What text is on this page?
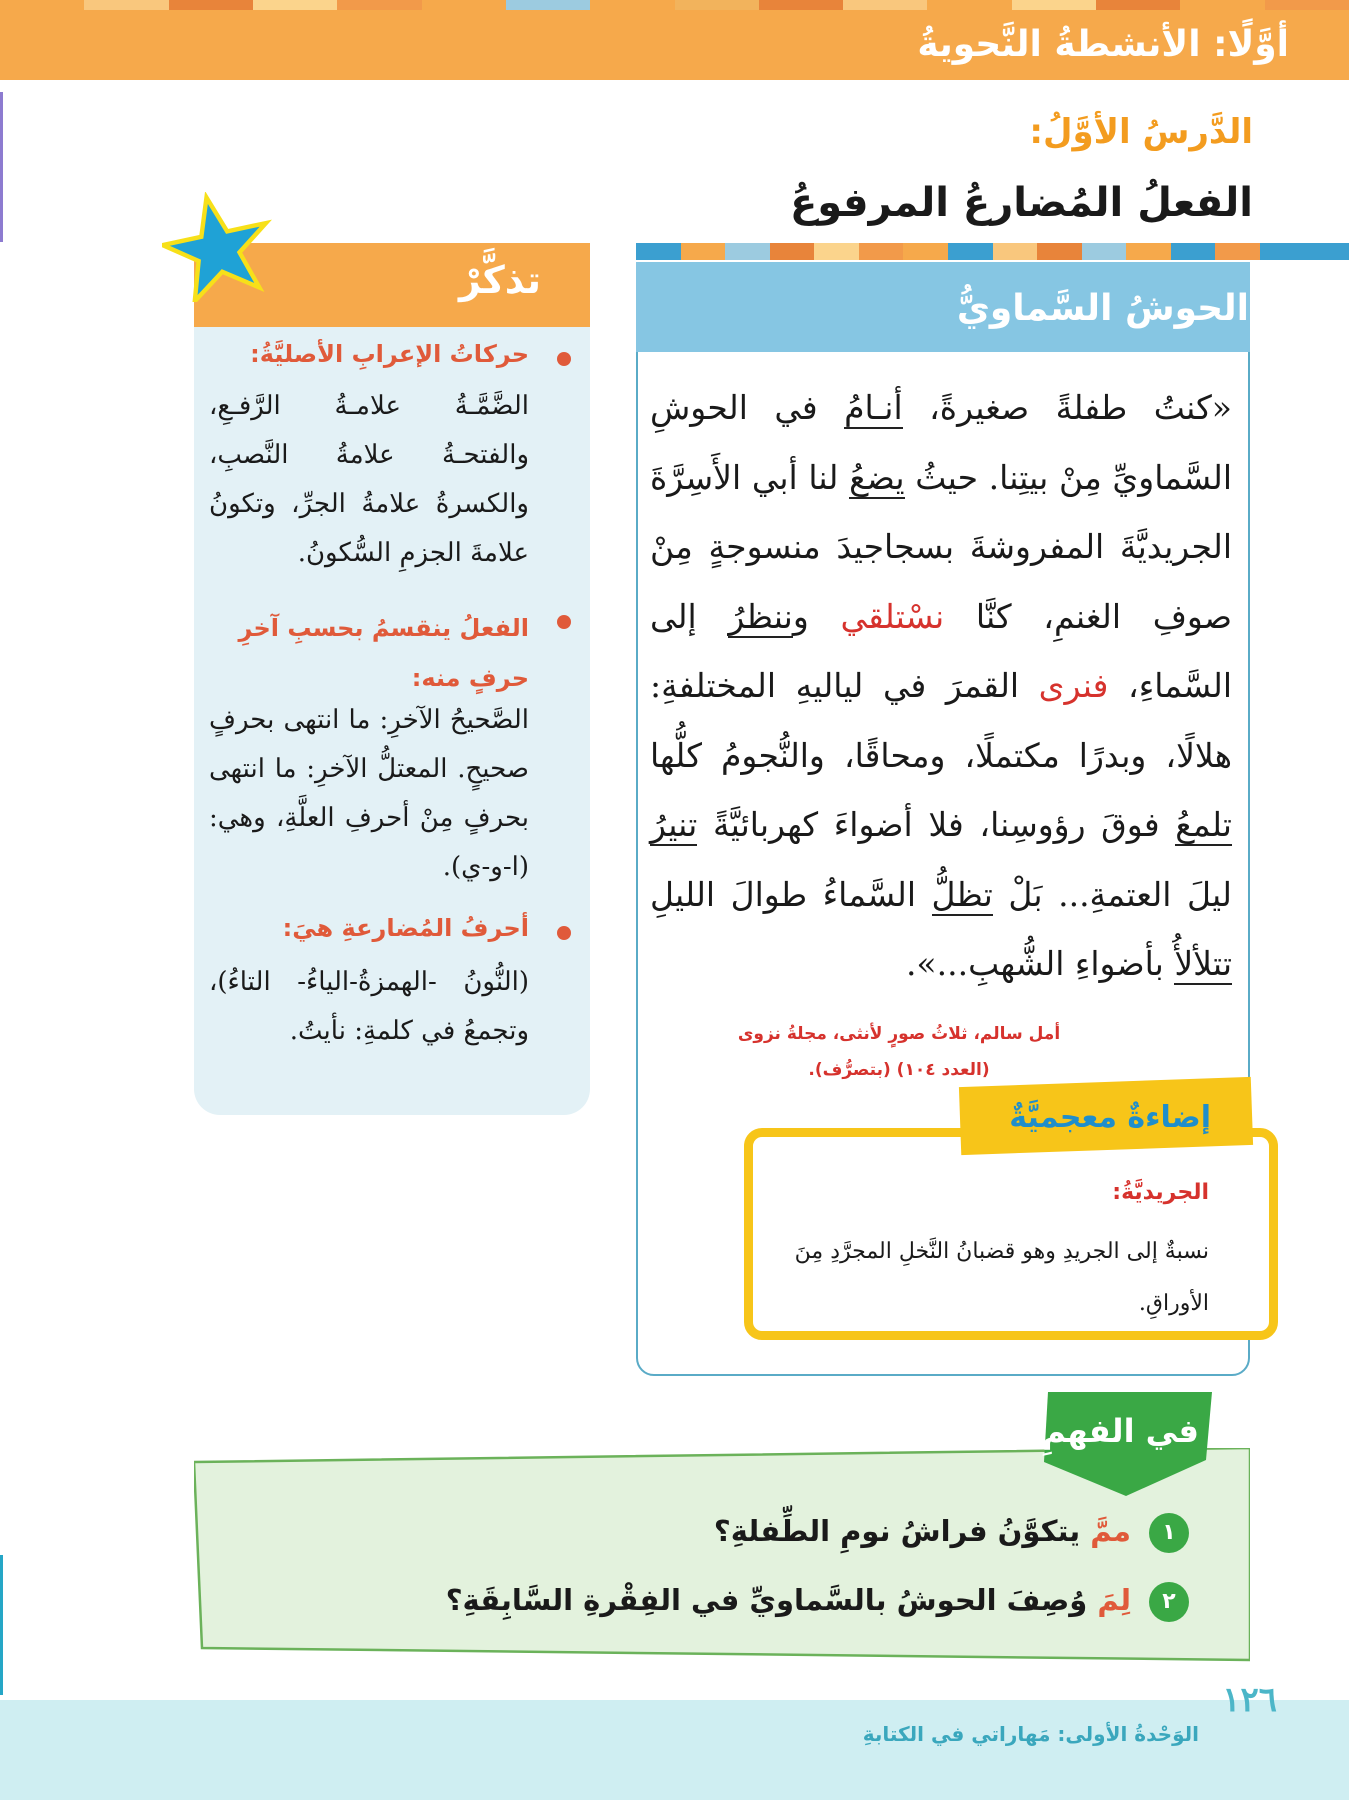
أوَّلًا: الأنشطةُ النَّحويةُ
الدَّرسُ الأوَّلُ:
الفعلُ المُضارعُ المرفوعُ
الحوشُ السَّماويُّ
«كنتُ طفلةً صغيرةً، أنـامُ في الحوشِ السَّماويِّ مِنْ بيتِنا. حيثُ يضعُ لنا أبي الأَسِرَّةَ الجريديَّةَ المفروشةَ بسجاجيدَ منسوجةٍ مِنْ صوفِ الغنمِ، كنَّا نسْتلقي وننظرُ إلى السَّماءِ، فنرى القمرَ في لياليهِ المختلفةِ: هلالًا، وبدرًا مكتملًا، ومحاقًا، والنُّجومُ كلُّها تلمعُ فوقَ رؤوسِنا، فلا أضواءَ كهربائيَّةً تنيرُ ليلَ العتمةِ... بَلْ تظلُّ السَّماءُ طوالَ الليلِ تتلألأُ بأضواءِ الشُّهبِ...».
أمل سالم، ثلاثُ صورٍ لأنثى، مجلةُ نزوى (العدد ١٠٤) (بتصرُّف).
إضاءةٌ معجميَّةٌ
الجريديَّةُ:
نسبةٌ إلى الجريدِ وهو قضبانُ النَّخلِ المجرَّدِ مِنَ الأوراقِ.
تذكَّرْ
حركاتُ الإعرابِ الأصليَّةُ:
الضَّمَّـةُ علامـةُ الرَّفـعِ، والفتحـةُ علامةُ النَّصبِ، والكسرةُ علامةُ الجرِّ، وتكونُ علامةَ الجزمِ السُّكونُ.
الفعلُ ينقسمُ بحسبِ آخرِ حرفٍ منه:
الصَّحيحُ الآخرِ: ما انتهى بحرفٍ صحيحٍ. المعتلُّ الآخرِ: ما انتهى بحرفٍ مِنْ أحرفِ العلَّةِ، وهي: (ا-و-ي).
أحرفُ المُضارعةِ هيَ:
(النُّونُ -الهمزةُ-الياءُ- التاءُ)، وتجمعُ في كلمةِ: نأيتُ.
في الفهمِ
١
ممَّ يتكوَّنُ فراشُ نومِ الطِّفلةِ؟
٢
لِمَ وُصِفَ الحوشُ بالسَّماويِّ في الفِقْرةِ السَّابِقَةِ؟
١٢٦
الوَحْدةُ الأولى: مَهاراتي في الكتابةِ
